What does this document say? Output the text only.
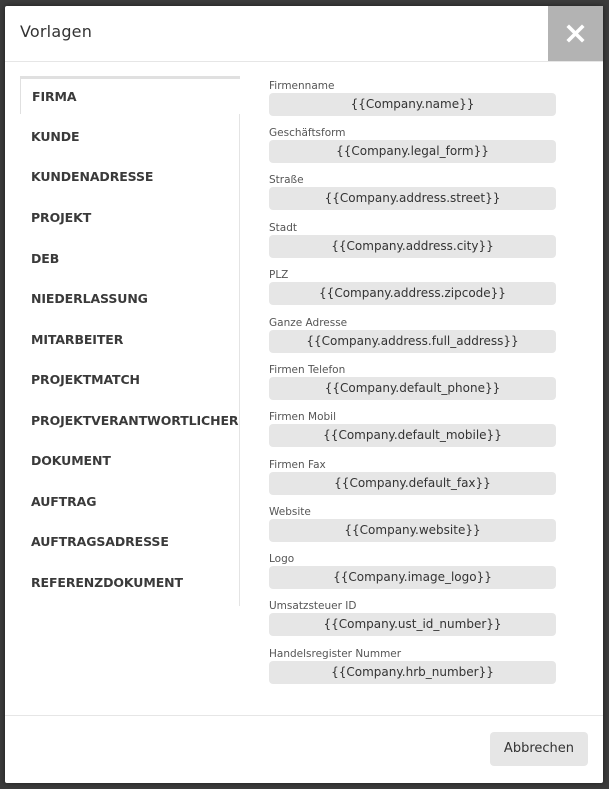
Vorlagen
FIRMA
KUNDE
KUNDENADRESSE
PROJEKT
DEB
NIEDERLASSUNG
MITARBEITER
PROJEKTMATCH
PROJEKTVERANTWORTLICHER
DOKUMENT
AUFTRAG
AUFTRAGSADRESSE
REFERENZDOKUMENT
Firmenname
{{Company.name}}
Geschäftsform
{{Company.legal_form}}
Straße
{{Company.address.street}}
Stadt
{{Company.address.city}}
PLZ
{{Company.address.zipcode}}
Ganze Adresse
{{Company.address.full_address}}
Firmen Telefon
{{Company.default_phone}}
Firmen Mobil
{{Company.default_mobile}}
Firmen Fax
{{Company.default_fax}}
Website
{{Company.website}}
Logo
{{Company.image_logo}}
Umsatzsteuer ID
{{Company.ust_id_number}}
Handelsregister Nummer
{{Company.hrb_number}}
Abbrechen
